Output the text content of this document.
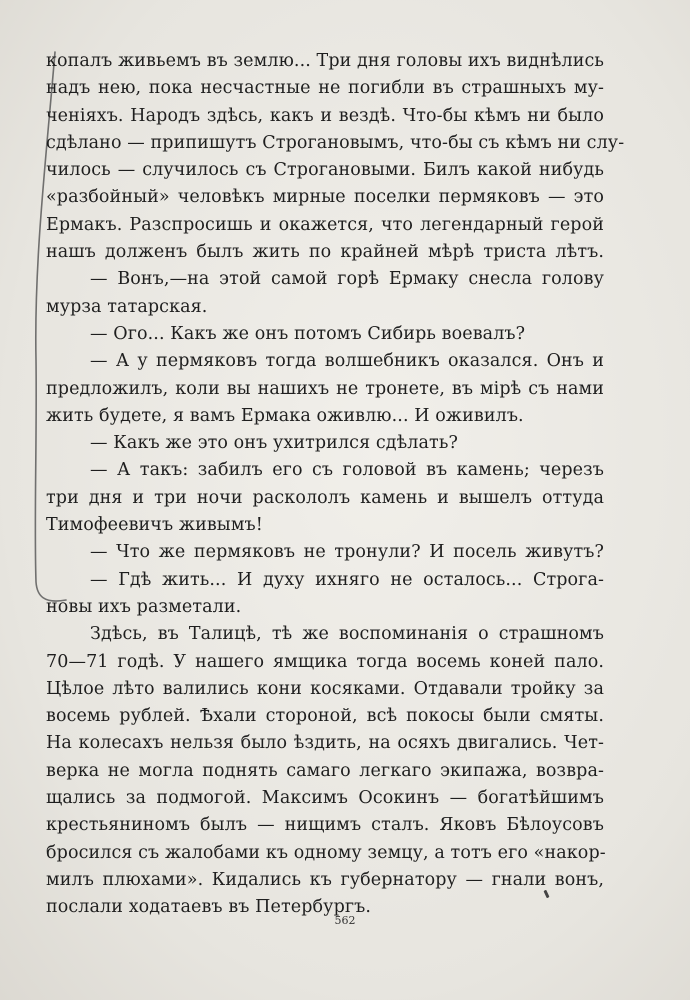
копалъ живьемъ въ землю... Три дня головы ихъ виднѣлись
надъ нею, пока несчастные не погибли въ страшныхъ му-
ченіяхъ. Народъ здѣсь, какъ и вездѣ. Что-бы кѣмъ ни было
сдѣлано — припишутъ Строгановымъ, что-бы съ кѣмъ ни слу-
чилось — случилось съ Строгановыми. Билъ какой нибудь
«разбойный» человѣкъ мирные поселки пермяковъ — это
Ермакъ. Разспросишь и окажется, что легендарный герой
нашъ долженъ былъ жить по крайней мѣрѣ триста лѣтъ.
— Вонъ,—на этой самой горѣ Ермаку снесла голову
мурза татарская.
— Ого... Какъ же онъ потомъ Сибирь воевалъ?
— А у пермяковъ тогда волшебникъ оказался. Онъ и
предложилъ, коли вы нашихъ не тронете, въ мірѣ съ нами
жить будете, я вамъ Ермака оживлю... И оживилъ.
— Какъ же это онъ ухитрился сдѣлать?
— А такъ: забилъ его съ головой въ камень; черезъ
три дня и три ночи раскололъ камень и вышелъ оттуда
Тимофеевичъ живымъ!
— Что же пермяковъ не тронули? И посель живутъ?
— Гдѣ жить... И духу ихняго не осталось... Строга-
новы ихъ разметали.
Здѣсь, въ Талицѣ, тѣ же воспоминанія о страшномъ
70—71 годѣ. У нашего ямщика тогда восемь коней пало.
Цѣлое лѣто валились кони косяками. Отдавали тройку за
восемь рублей. Ѣхали стороной, всѣ покосы были смяты.
На колесахъ нельзя было ѣздить, на осяхъ двигались. Чет-
верка не могла поднять самаго легкаго экипажа, возвра-
щались за подмогой. Максимъ Осокинъ — богатѣйшимъ
крестьяниномъ былъ — нищимъ сталъ. Яковъ Бѣлоусовъ
бросился съ жалобами къ одному земцу, а тотъ его «накор-
милъ плюхами». Кидались къ губернатору — гнали вонъ,
послали ходатаевъ въ Петербургъ.
562
